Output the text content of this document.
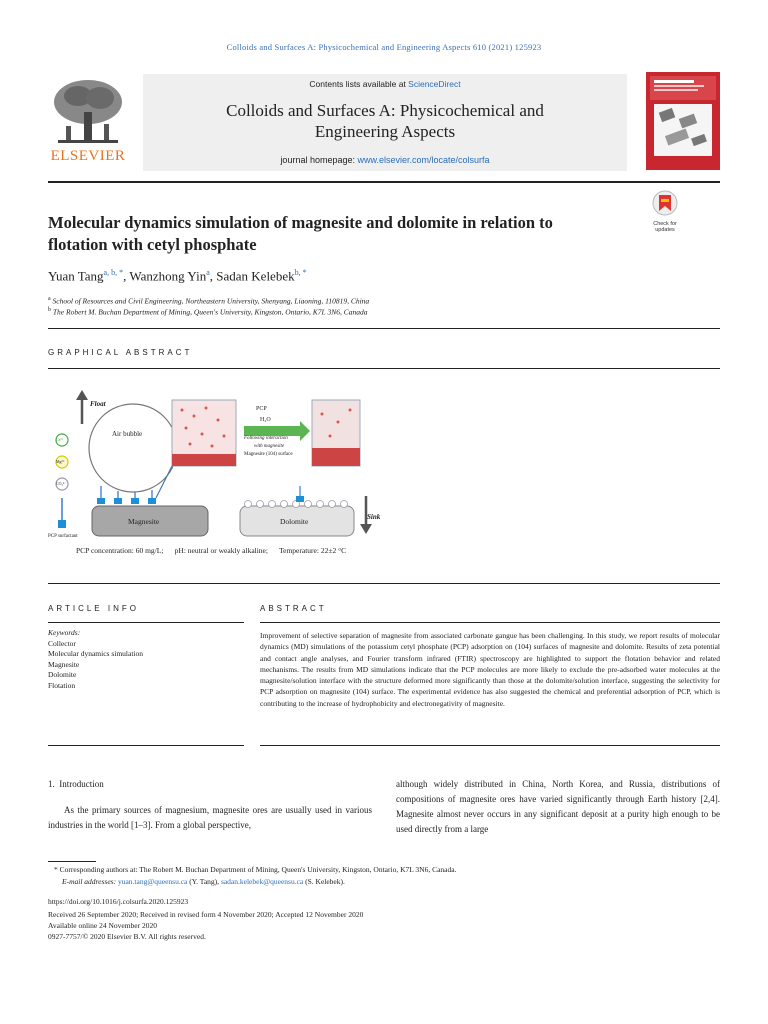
Colloids and Surfaces A: Physicochemical and Engineering Aspects 610 (2021) 125923
ELSEVIER
Contents lists available at ScienceDirect
Colloids and Surfaces A: Physicochemical and
Engineering Aspects
journal homepage: www.elsevier.com/locate/colsurfa
Check for updates
Molecular dynamics simulation of magnesite and dolomite in relation to
flotation with cetyl phosphate
Yuan Tang$^{a, b, *}$, Wanzhong Yin$^a$, Sadan Kelebek$^{b, *}$
$^a$ School of Resources and Civil Engineering, Northeastern University, Shenyang, Liaoning, 110819, China
$^b$ The Robert M. Buchan Department of Mining, Queen's University, Kingston, Ontario, K7L 3N6, Canada
GRAPHICAL ABSTRACT
Float
Air bubble
Magnesite	Dolomite	Sink
PCP
H₂O
Following interaction
with magnesite
Magnesite (104) surface
Ca²⁺
Mg²⁺
CO₃²⁻
PCP surfactant
PCP concentration: 60 mg/L;      pH: neutral or weakly alkaline;      Temperature: 22±2 °C
ARTICLE INFO	ABSTRACT
Keywords:
Collector
Molecular dynamics simulation
Magnesite
Dolomite
Flotation
Improvement of selective separation of magnesite from associated carbonate gangue has been challenging. In this study, we report results of molecular dynamics (MD) simulations of the potassium cetyl phosphate (PCP) adsorption on (104) surfaces of magnesite and dolomite. Results of zeta potential and contact angle analyses, and Fourier transform infrared (FTIR) spectroscopy are highlighted to support the flotation behavior and related mechanisms. The results from MD simulations indicate that the PCP molecules are more likely to exclude the pre-adsorbed water molecules at the magnesite/solution interface with the structure deformed more significantly than those at the dolomite/solution interface, suggesting the selectivity for PCP adsorption on magnesite (104) surface. The experimental evidence has also suggested the chemical and preferential adsorption of PCP, which is contributing to the increase of hydrophobicity and electronegativity of magnesite.
1.  Introduction
As the primary sources of magnesium, magnesite ores are usually used in various industries in the world [1–3]. From a global perspective,
although widely distributed in China, North Korea, and Russia, distributions of compositions of magnesite ores have varied significantly through Earth history [2,4]. Magnesite almost never occurs in any significant deposit at a purity high enough to be used directly from a large
* Corresponding authors at: The Robert M. Buchan Department of Mining, Queen's University, Kingston, Ontario, K7L 3N6, Canada.
E-mail addresses: yuan.tang@queensu.ca (Y. Tang), sadan.kelebek@queensu.ca (S. Kelebek).
https://doi.org/10.1016/j.colsurfa.2020.125923
Received 26 September 2020; Received in revised form 4 November 2020; Accepted 12 November 2020
Available online 24 November 2020
0927-7757/© 2020 Elsevier B.V. All rights reserved.
